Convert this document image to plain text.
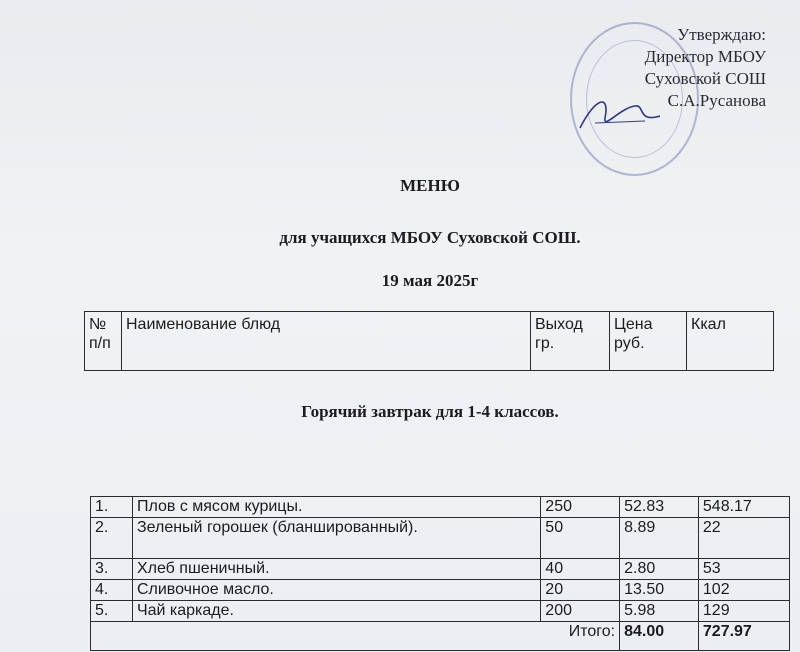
Утверждаю:
Директор МБОУ
Суховской СОШ
С.А.Русанова
МЕНЮ
для учащихся МБОУ Суховской СОШ.
19 мая 2025г
№ п/п	Наименование блюд	Выход гр.	Цена руб.	Ккал
Горячий завтрак для 1-4 классов.
1.	Плов с мясом курицы.	250	52.83	548.17
2.	Зеленый горошек (бланшированный).	50	8.89	22
3.	Хлеб пшеничный.	40	2.80	53
4.	Сливочное масло.	20	13.50	102
5.	Чай каркаде.	200	5.98	129
Итого:			84.00	727.97
